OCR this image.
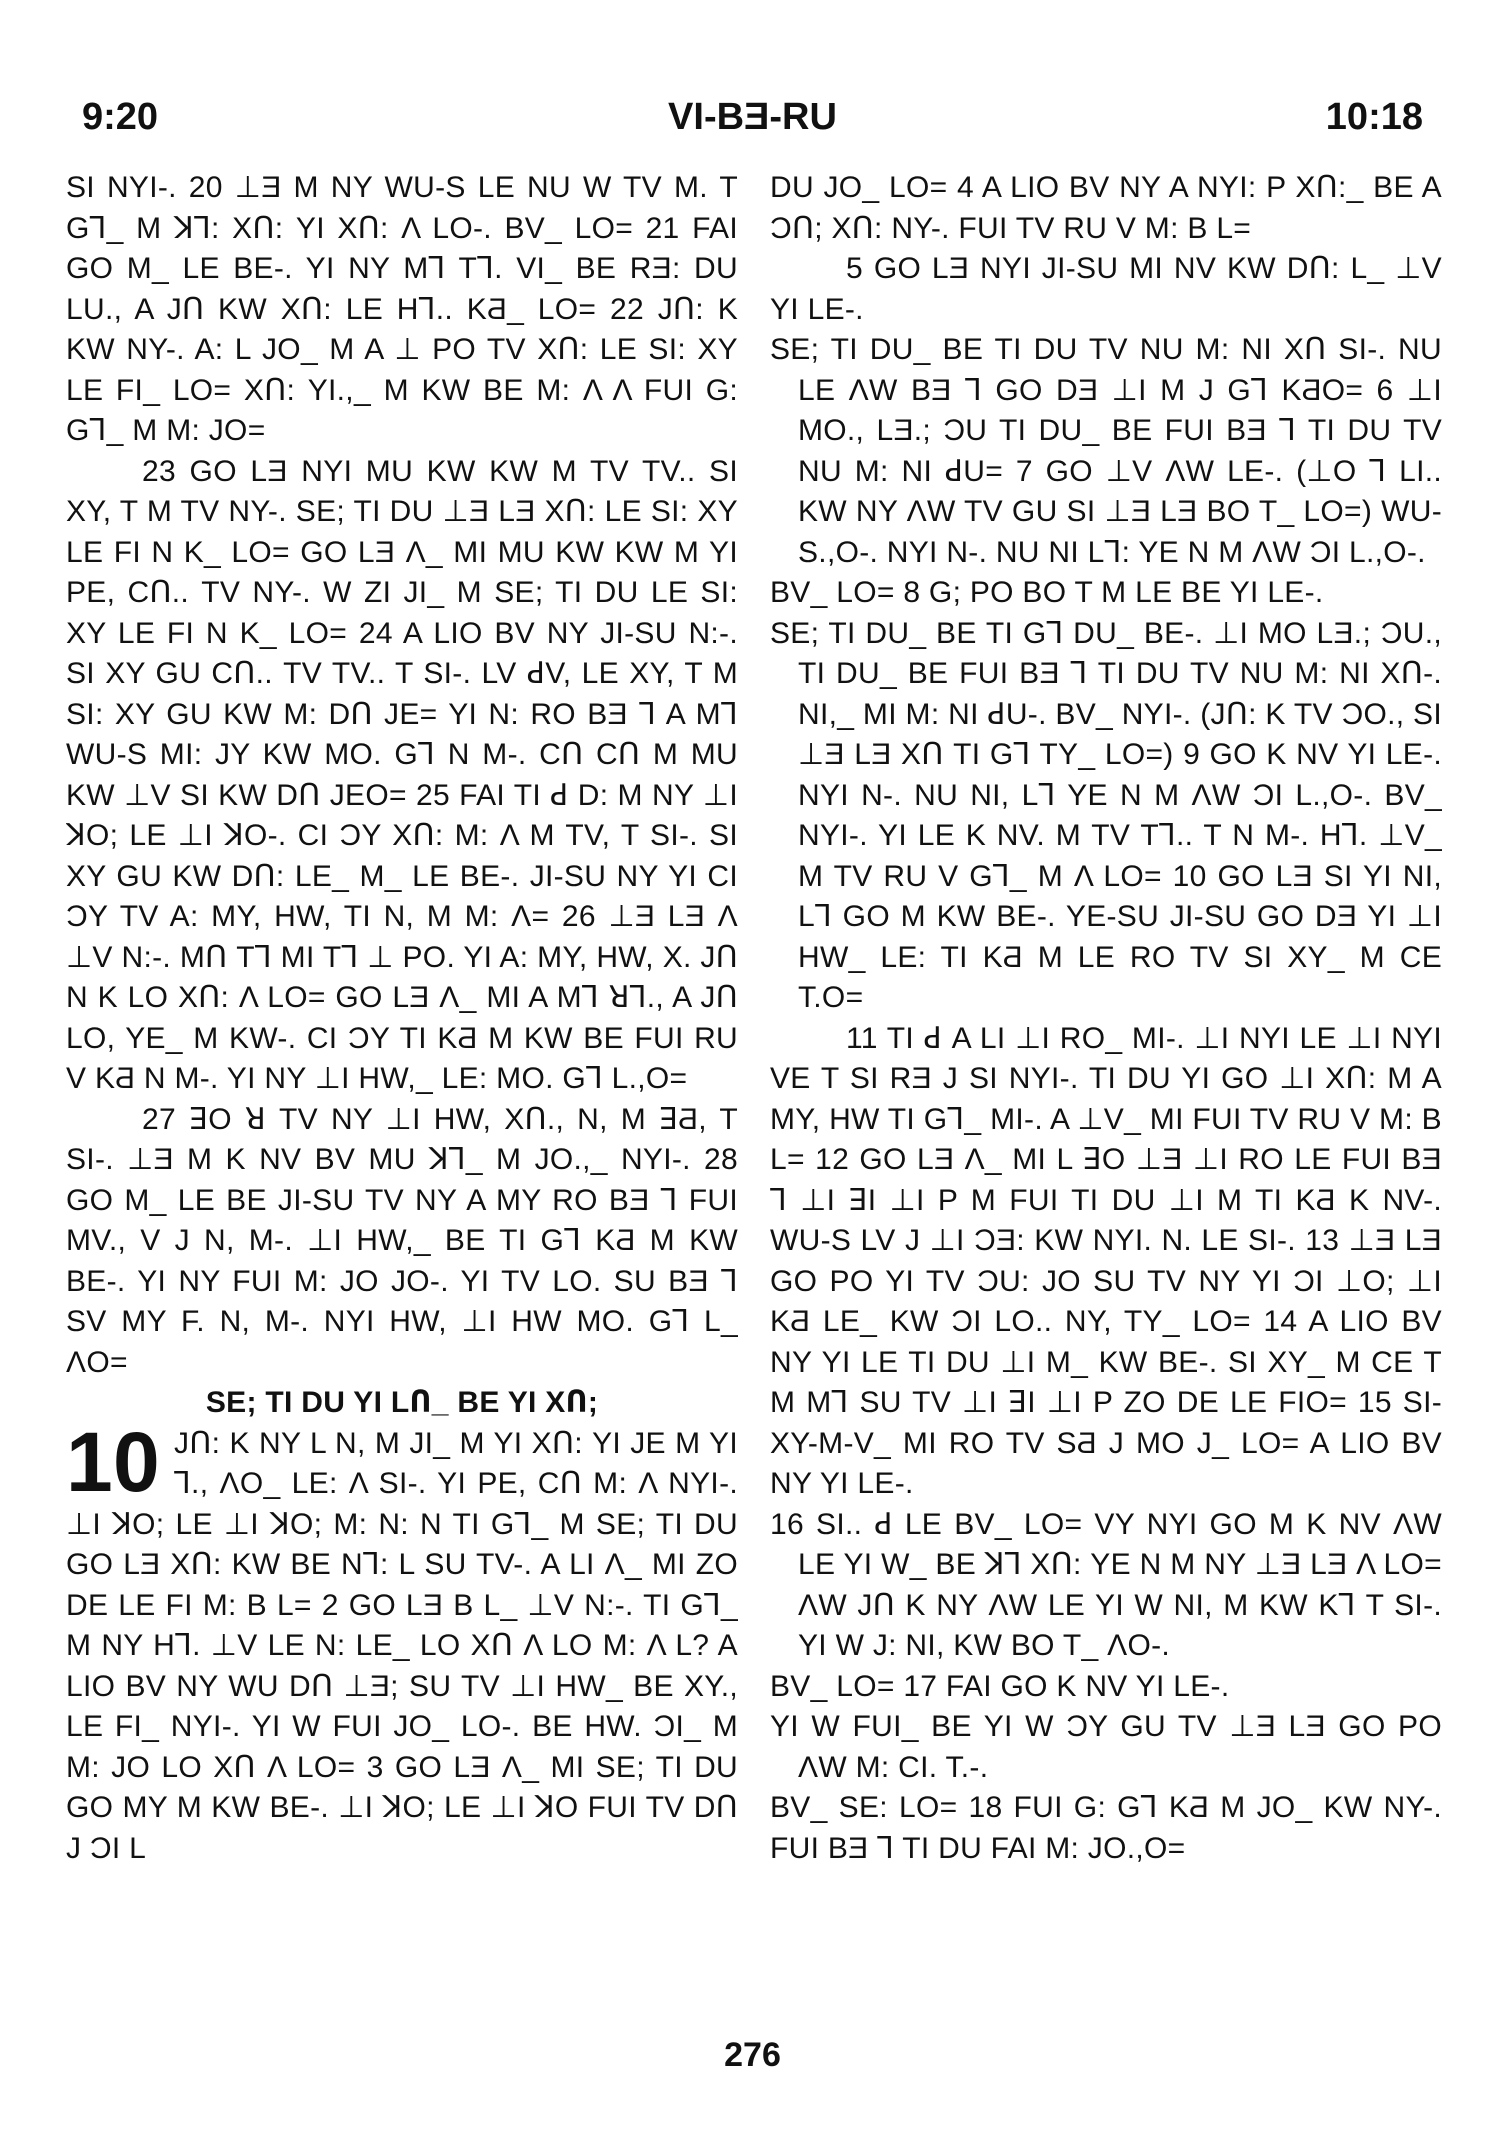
9:20	VI-BƎ-RU	10:18

SI NYI-. 20 ⊥Ǝ M NY WU-S LE NU W TV M. T GꞀ_ M ꓘꞀ: XՈ: YI XՈ: Λ LO-. BV_ LO= 21 FAI GO M_ LE BE-. YI NY MꞀ TꞀ. VI_ BE RƎ: DU LU., A JՈ KW XՈ: LE HꞀ.. KƋ_ LO= 22 JՈ: K KW NY-. A: L JO_ M A ⊥ PO TV XՈ: LE SI: XY LE FI_ LO= XՈ: YI.,_ M KW BE M: Λ Λ FUI G: GꞀ_ M M: JO=

23 GO LƎ NYI MU KW KW M TV TV.. SI XY, T M TV NY-. SE; TI DU ⊥Ǝ LƎ XՈ: LE SI: XY LE FI N K_ LO= GO LƎ Λ_ MI MU KW KW M YI PE, CՈ.. TV NY-. W ZI JI_ M SE; TI DU LE SI: XY LE FI N K_ LO= 24 A LIO BV NY JI-SU N:-. SI XY GU CՈ.. TV TV.. T SI-. LV ꓒV, LE XY, T M SI: XY GU KW M: DՈ JE= YI N: RO BƎ Ꞁ A MꞀ WU-S MI: JY KW MO. GꞀ N M-. CՈ CՈ M MU KW ⊥V SI KW DՈ JEO= 25 FAI TI ꓒ D: M NY ⊥I ꓘO; LE ⊥I ꓘO-. CI ƆY XՈ: M: Λ M TV, T SI-. SI XY GU KW DՈ: LE_ M_ LE BE-. JI-SU NY YI CI ƆY TV A: MY, HW, TI N, M M: Λ= 26 ⊥Ǝ LƎ Λ ⊥V N:-. MՈ TꞀ MI TꞀ ⊥ PO. YI A: MY, HW, X. JՈ N K LO XՈ: Λ LO= GO LƎ Λ_ MI A MꞀ ꓤꞀ., A JՈ LO, YE_ M KW-. CI ƆY TI KƋ M KW BE FUI RU V KƋ N M-. YI NY ⊥I HW,_ LE: MO. GꞀ L.,O=

27 ꓱO ꓤ TV NY ⊥I HW, XՈ., N, M ꓱƋ, T SI-. ⊥Ǝ M K NV BV MU ꓘꞀ_ M JO.,_ NYI-. 28 GO M_ LE BE JI-SU TV NY A MY RO BƎ Ꞁ FUI MV., V J N, M-. ⊥I HW,_ BE TI GꞀ KƋ M KW BE-. YI NY FUI M: JO JO-. YI TV LO. SU BƎ Ꞁ SV MY F. N, M-. NYI HW, ⊥I HW MO. GꞀ L_ ΛO=

SE; TI DU YI LՈ_ BE YI XՈ;

10 JՈ: K NY L N, M JI_ M YI XՈ: YI JE M YI Ꞁ., ΛO_ LE: Λ SI-. YI PE, CՈ M: Λ NYI-. ⊥I ꓘO; LE ⊥I ꓘO; M: N: N TI GꞀ_ M SE; TI DU GO LƎ XՈ: KW BE NꞀ: L SU TV-. A LI Λ_ MI ZO DE LE FI M: B L= 2 GO LƎ B L_ ⊥V N:-. TI GꞀ_ M NY HꞀ. ⊥V LE N: LE_ LO XՈ Λ LO M: Λ L? A LIO BV NY WU DՈ ⊥Ǝ; SU TV ⊥I HW_ BE XY., LE FI_ NYI-. YI W FUI JO_ LO-. BE HW. ƆI_ M M: JO LO XՈ Λ LO= 3 GO LƎ Λ_ MI SE; TI DU GO MY M KW BE-. ⊥I ꓘO; LE ⊥I ꓘO FUI TV DՈ J ƆI L

DU JO_ LO= 4 A LIO BV NY A NYI: P XՈ:_ BE A ƆՈ; XՈ: NY-. FUI TV RU V M: B L=

5 GO LƎ NYI JI-SU MI NV KW DՈ: L_ ⊥V YI LE-.

SE; TI DU_ BE TI DU TV NU M: NI XՈ SI-. NU LE ΛW BƎ Ꞁ GO DƎ ⊥I M J GꞀ KƋO= 6 ⊥I MO., LƎ.; ƆU TI DU_ BE FUI BƎ Ꞁ TI DU TV NU M: NI ꓒU= 7 GO ⊥V ΛW LE-. (⊥O Ꞁ LI.. KW NY ΛW TV GU SI ⊥Ǝ LƎ BO T_ LO=) WU-S.,O-. NYI N-. NU NI LꞀ: YE N M ΛW ƆI L.,O-.

BV_ LO= 8 G; PO BO T M LE BE YI LE-.

SE; TI DU_ BE TI GꞀ DU_ BE-. ⊥I MO LƎ.; ƆU., TI DU_ BE FUI BƎ Ꞁ TI DU TV NU M: NI XՈ-. NI,_ MI M: NI ꓒU-. BV_ NYI-. (JՈ: K TV ƆO., SI ⊥Ǝ LƎ XՈ TI GꞀ TY_ LO=) 9 GO K NV YI LE-. NYI N-. NU NI, LꞀ YE N M ΛW ƆI L.,O-. BV_ NYI-. YI LE K NV. M TV TꞀ.. T N M-. HꞀ. ⊥V_ M TV RU V GꞀ_ M Λ LO= 10 GO LƎ SI YI NI, LꞀ GO M KW BE-. YE-SU JI-SU GO DƎ YI ⊥I HW_ LE: TI KƋ M LE RO TV SI XY_ M CE T.O=

11 TI ꓒ A LI ⊥I RO_ MI-. ⊥I NYI LE ⊥I NYI VE T SI RƎ J SI NYI-. TI DU YI GO ⊥I XՈ: M A MY, HW TI GꞀ_ MI-. A ⊥V_ MI FUI TV RU V M: B L= 12 GO LƎ Λ_ MI L ꓱO ⊥Ǝ ⊥I RO LE FUI BƎ Ꞁ ⊥I ꓱI ⊥I P M FUI TI DU ⊥I M TI KƋ K NV-. WU-S LV J ⊥I ƆƎ: KW NYI. N. LE SI-. 13 ⊥Ǝ LƎ GO PO YI TV ƆU: JO SU TV NY YI ƆI ⊥O; ⊥I KƋ LE_ KW ƆI LO.. NY, TY_ LO= 14 A LIO BV NY YI LE TI DU ⊥I M_ KW BE-. SI XY_ M CE T M MꞀ SU TV ⊥I ꓱI ⊥I P ZO DE LE FIO= 15 SI-XY-M-V_ MI RO TV SƋ J MO J_ LO= A LIO BV NY YI LE-.

16 SI.. ꓒ LE BV_ LO= VY NYI GO M K NV ΛW LE YI W_ BE ꓘꞀ XՈ: YE N M NY ⊥Ǝ LƎ Λ LO= ΛW JՈ K NY ΛW LE YI W NI, M KW KꞀ T SI-. YI W J: NI, KW BO T_ ΛO-.

BV_ LO= 17 FAI GO K NV YI LE-.

YI W FUI_ BE YI W ƆY GU TV ⊥Ǝ LƎ GO PO ΛW M: CI. T.-.

BV_ SE: LO= 18 FUI G: GꞀ KƋ M JO_ KW NY-. FUI BƎ Ꞁ TI DU FAI M: JO.,O=

276
